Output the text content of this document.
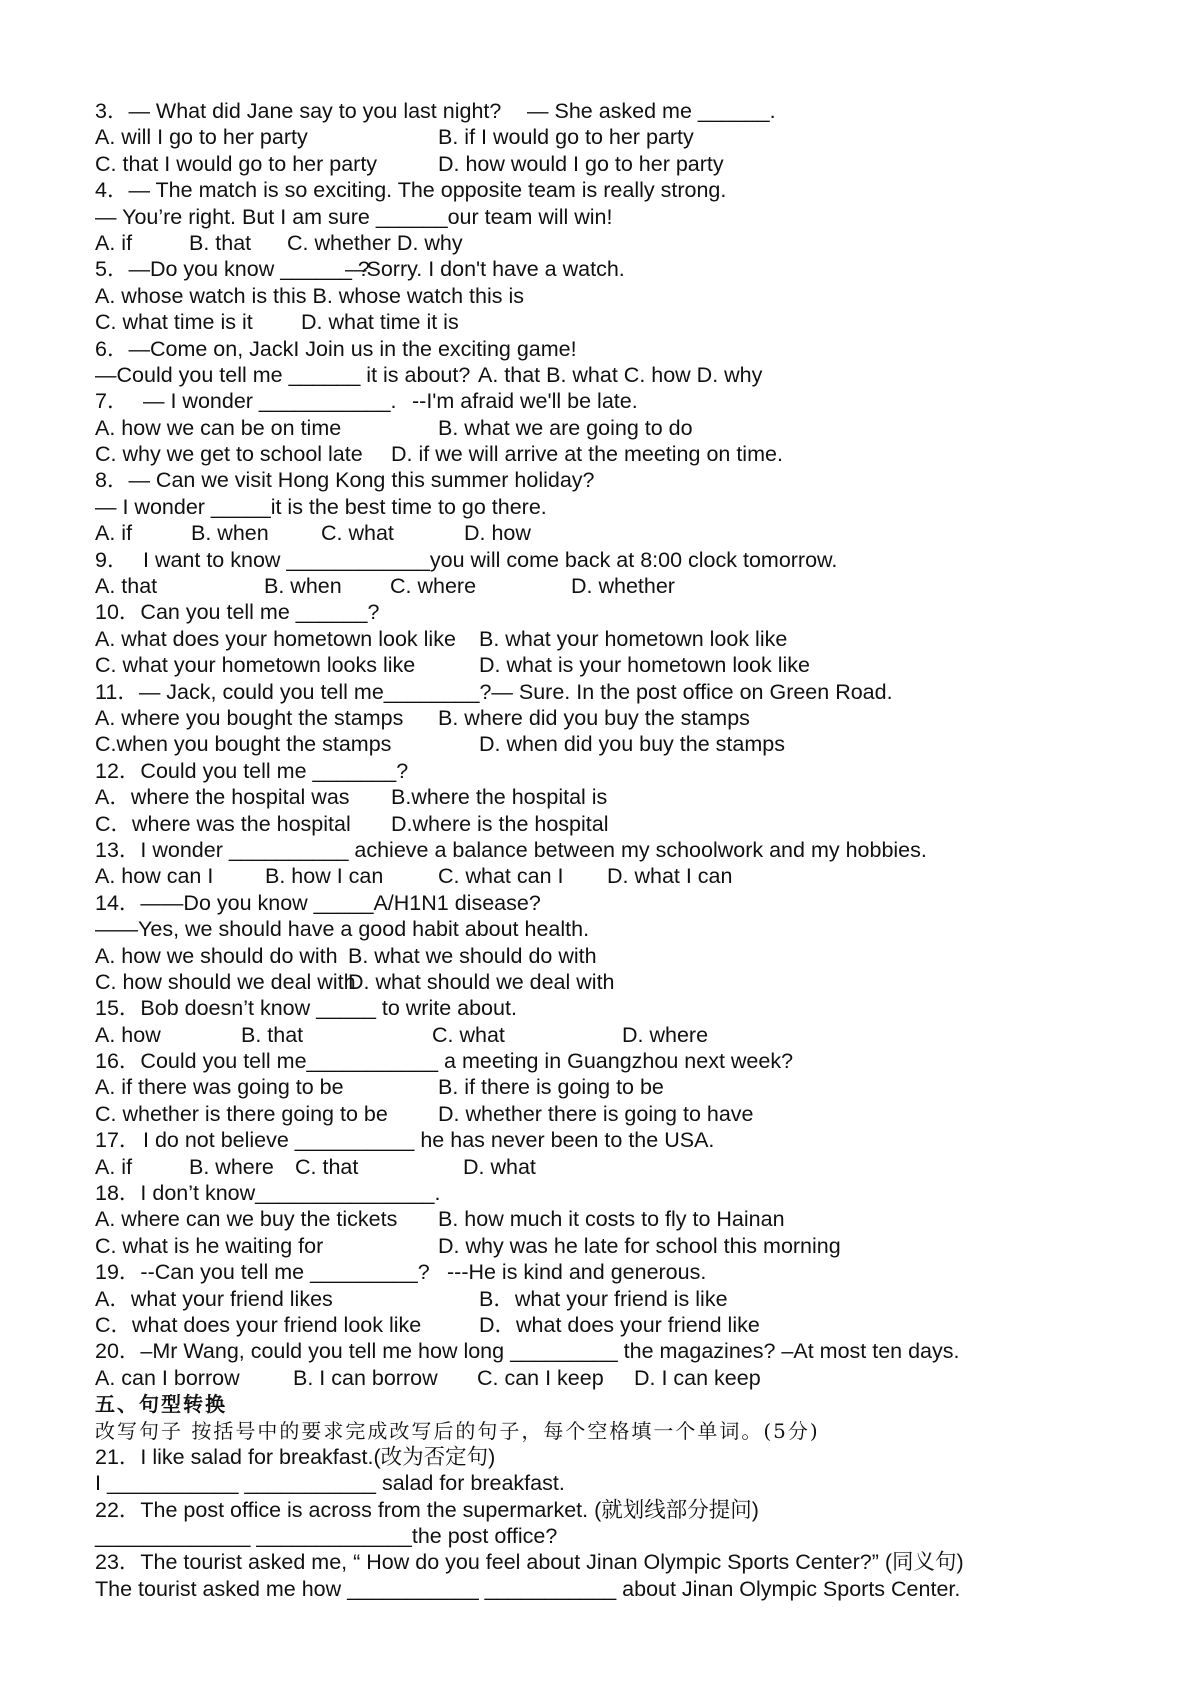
3．— What did Jane say to you last night? — She asked me ______.
A. will I go to her party	B. if I would go to her party
C. that I would go to her party	D. how would I go to her party
4．— The match is so exciting. The opposite team is really strong.
— You’re right. But I am sure ______our team will win!
A. if	B. that C. whether D. why
5．—Do you know ______ ?
—Sorry. I don't have a watch.
A. whose watch is this B. whose watch this is
C. what time is it D. what time it is
6．—Come on, JackI Join us in the exciting game!
—Could you tell me ______ it is about? A. that B. what C. how D. why
7． — I wonder ___________. --I'm afraid we'll be late.
A. how we can be on time	B. what we are going to do
C. why we get to school late D. if we will arrive at the meeting on time.
8．— Can we visit Hong Kong this summer holiday?
— I wonder _____it is the best time to go there.
A. if	B. when C. what	D. how
9． I want to know ____________you will come back at 8:00 clock tomorrow.
A. that	B. when C. where	D. whether
10．Can you tell me ______?
A. what does your hometown look like B. what your hometown look like
C. what your hometown looks like	D. what is your hometown look like
11．— Jack, could you tell me________?— Sure. In the post office on Green Road.
A. where you bought the stamps B. where did you buy the stamps
C.when you bought the stamps	D. when did you buy the stamps
12．Could you tell me _______?
A．where the hospital was B.where the hospital is
C．where was the hospital D.where is the hospital
13．I wonder __________ achieve a balance between my schoolwork and my hobbies.
A. how can I B. how I can	C. what can I D. what I can
14．——Do you know _____A/H1N1 disease?
——Yes, we should have a good habit about health.
A. how we should do with B. what we should do with
C. how should we deal with
D. what should we deal with
15．Bob doesn’t know _____ to write about.
A. how	B. that	C. what	D. where
16．Could you tell me___________ a meeting in Guangzhou next week?
A. if there was going to be	B. if there is going to be
C. whether is there going to be D. whether there is going to have
17． I do not believe __________ he has never been to the USA.
A. if	B. where C. that	D. what
18．I don’t know_______________.
A. where can we buy the tickets B. how much it costs to fly to Hainan
C. what is he waiting for	D. why was he late for school this morning
19．--Can you tell me _________? ---He is kind and generous.
A．what your friend likes	B．what your friend is like
C．what does your friend look like	D．what does your friend like
20．–Mr Wang, could you tell me how long _________ the magazines? –At most ten days.
A. can I borrow B. I can borrow C. can I keep D. I can keep
五、句型转换
改写句子 按括号中的要求完成改写后的句子，每个空格填一个单词。(5分)
21．I like salad for breakfast.(改为否定句)
I ___________ ___________ salad for breakfast.
22．The post office is across from the supermarket. (就划线部分提问)
_____________ _____________the post office?
23．The tourist asked me, “ How do you feel about Jinan Olympic Sports Center?” (同义句)
The tourist asked me how ___________ ___________ about Jinan Olympic Sports Center.
